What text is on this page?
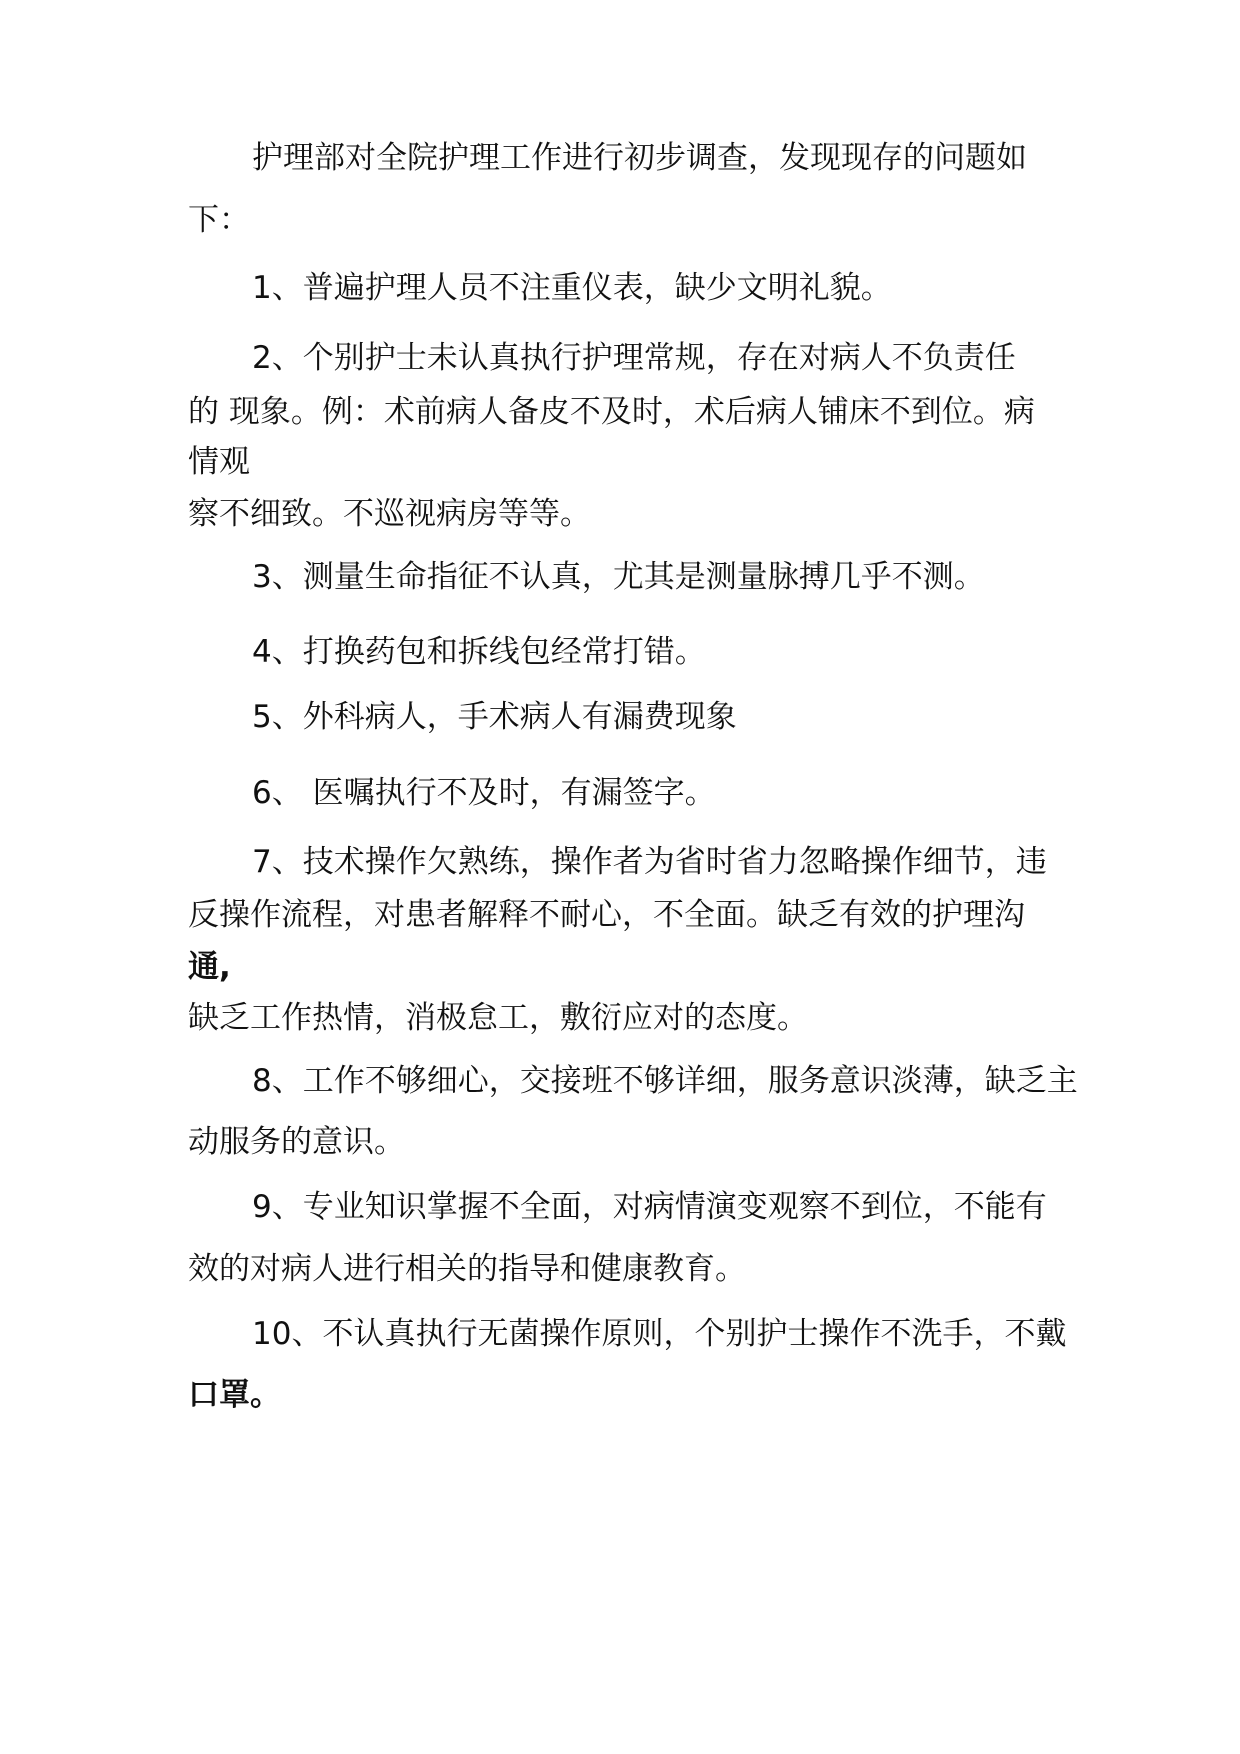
护理部对全院护理工作进行初步调查，发现现存的问题如
下：
1、普遍护理人员不注重仪表，缺少文明礼貌。
2、个别护士未认真执行护理常规，存在对病人不负责任
的 现象。例：术前病人备皮不及时，术后病人铺床不到位。病
情观
察不细致。不巡视病房等等。
3、测量生命指征不认真，尤其是测量脉搏几乎不测。
4、打换药包和拆线包经常打错。
5、外科病人，手术病人有漏费现象
6、 医嘱执行不及时，有漏签字。
7、技术操作欠熟练，操作者为省时省力忽略操作细节，违
反操作流程，对患者解释不耐心，不全面。缺乏有效的护理沟
通,
缺乏工作热情，消极怠工，敷衍应对的态度。
8、工作不够细心，交接班不够详细，服务意识淡薄，缺乏主
动服务的意识。
9、专业知识掌握不全面，对病情演变观察不到位，不能有
效的对病人进行相关的指导和健康教育。
10、不认真执行无菌操作原则，个别护士操作不洗手，不戴
口罩。
